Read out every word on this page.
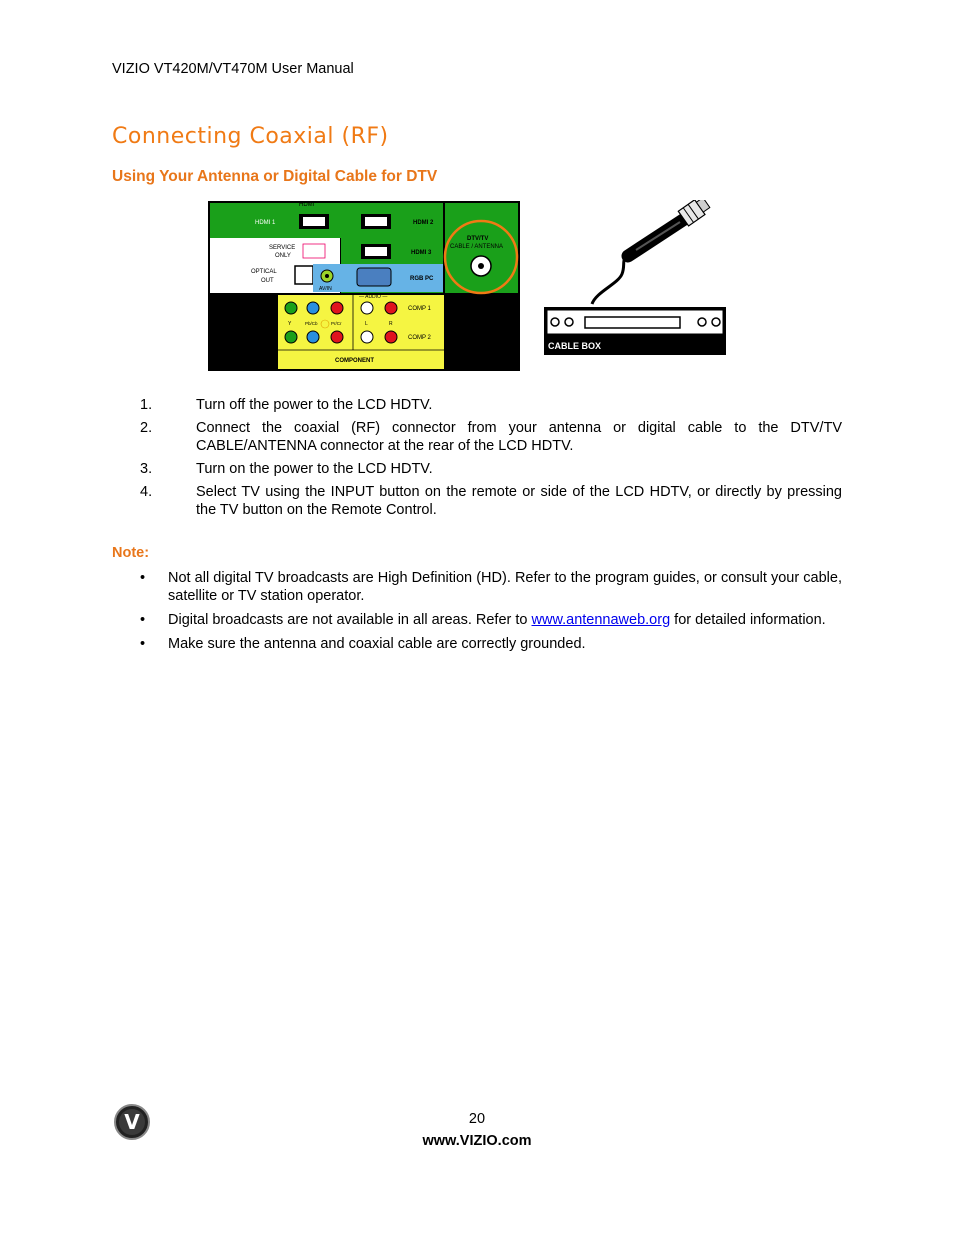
VIZIO VT420M/VT470M User Manual
Connecting Coaxial (RF)
Using Your Antenna or Digital Cable for DTV
HDMI
HDMI 1	HDMI 2
HDMI 3
SERVICE
ONLY
OPTICAL
OUT
AV/IN
RGB PC
DTV/TV
CABLE / ANTENNA
— AUDIO —
Y	Pb/Cb	Pr/Cr	L	R
COMP 1
COMP 2
COMPONENT
CABLE BOX
1.	Turn off the power to the LCD HDTV.
2.	Connect the coaxial (RF) connector from your antenna or digital cable to the DTV/TV CABLE/ANTENNA connector at the rear of the LCD HDTV.
3.	Turn on the power to the LCD HDTV.
4.	Select TV using the INPUT button on the remote or side of the LCD HDTV, or directly by pressing the TV button on the Remote Control.
Note:
•	Not all digital TV broadcasts are High Definition (HD). Refer to the program guides, or consult your cable, satellite or TV station operator.
•	Digital broadcasts are not available in all areas. Refer to www.antennaweb.org for detailed information.
•	Make sure the antenna and coaxial cable are correctly grounded.
V	20
www.VIZIO.com
